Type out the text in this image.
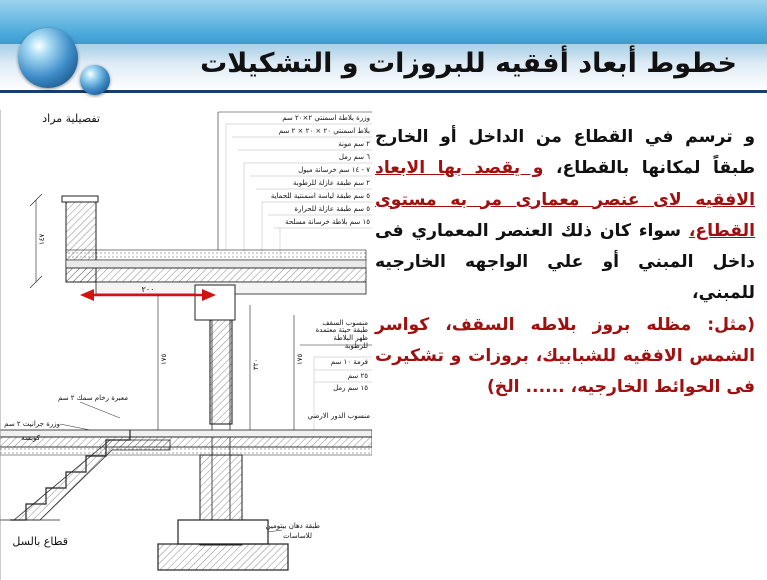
خطوط أبعاد أفقيه للبروزات و التشكيلات
تفصيلية مراد
قطاع بالسل
وزرة بلاطة اسمنتي ٢×٢٠ سم
بلاط اسمنتي ٢٠ × ٢٠ × ٢ سم
٢ سم مونة
٦ سم رمل
٧ - ١٤ سم خرسانة ميول
٢ سم طبقة عازلة للرطوبة
٥ سم طبقة لياسة اسمنتية للحماية
٥ سم طبقة عازلة للحرارة
١٥ سم بلاطة خرسانة مسلحة
٢٠٠
١٤٧
١٧٥	٣٢٠	١٧٥
منسوب السقف
ظهر البلاطة
طبقة حيتة معتمدة
للرطوبة
فرمة ١٠ سم
٢٥ سم
١٥ سم رمل
منسوب الدور الارضي
معبرة رخام سمك ٢ سم
وزرة جرانيت ٢ سم
كوبسة
طبقة دهان بيتومين
للاساسات

و ترسم في القطاع من الداخل أو الخارج طبقاً لمكانها بالقطاع، و يقصد بها الابعاد الافقيه لاى عنصر معمارى مر به مستوى القطاع، سواء كان ذلك العنصر المعماري فى داخل المبني أو علي الواجهه الخارجيه للمبني،

(مثل: مظله بروز بلاطه السقف، كواسر الشمس الافقيه للشبابيك، بروزات و تشكيرت فى الحوائط الخارجيه، ...... الخ)
